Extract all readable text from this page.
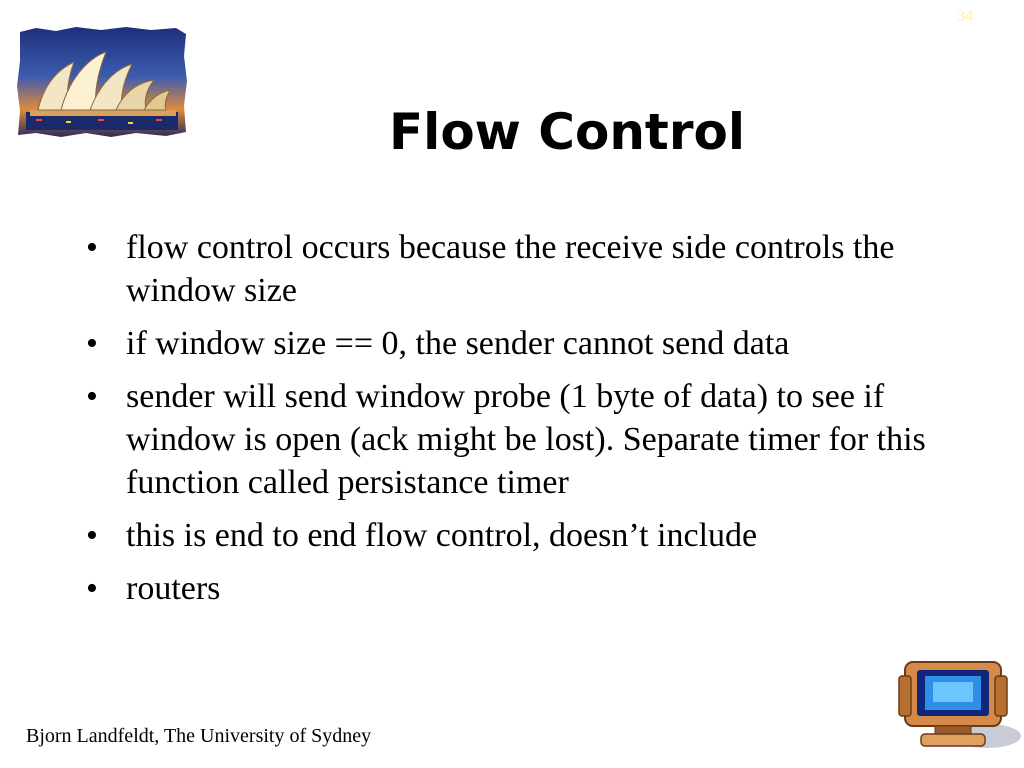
34
Flow Control
• flow control occurs because the receive side controls the window size
• if window size == 0, the sender cannot send data
• sender will send window probe (1 byte of data) to see if window is open (ack might be lost). Separate timer for this function called persistance timer
• this is end to end flow control, doesn’t include
• routers
Bjorn Landfeldt, The University of Sydney
